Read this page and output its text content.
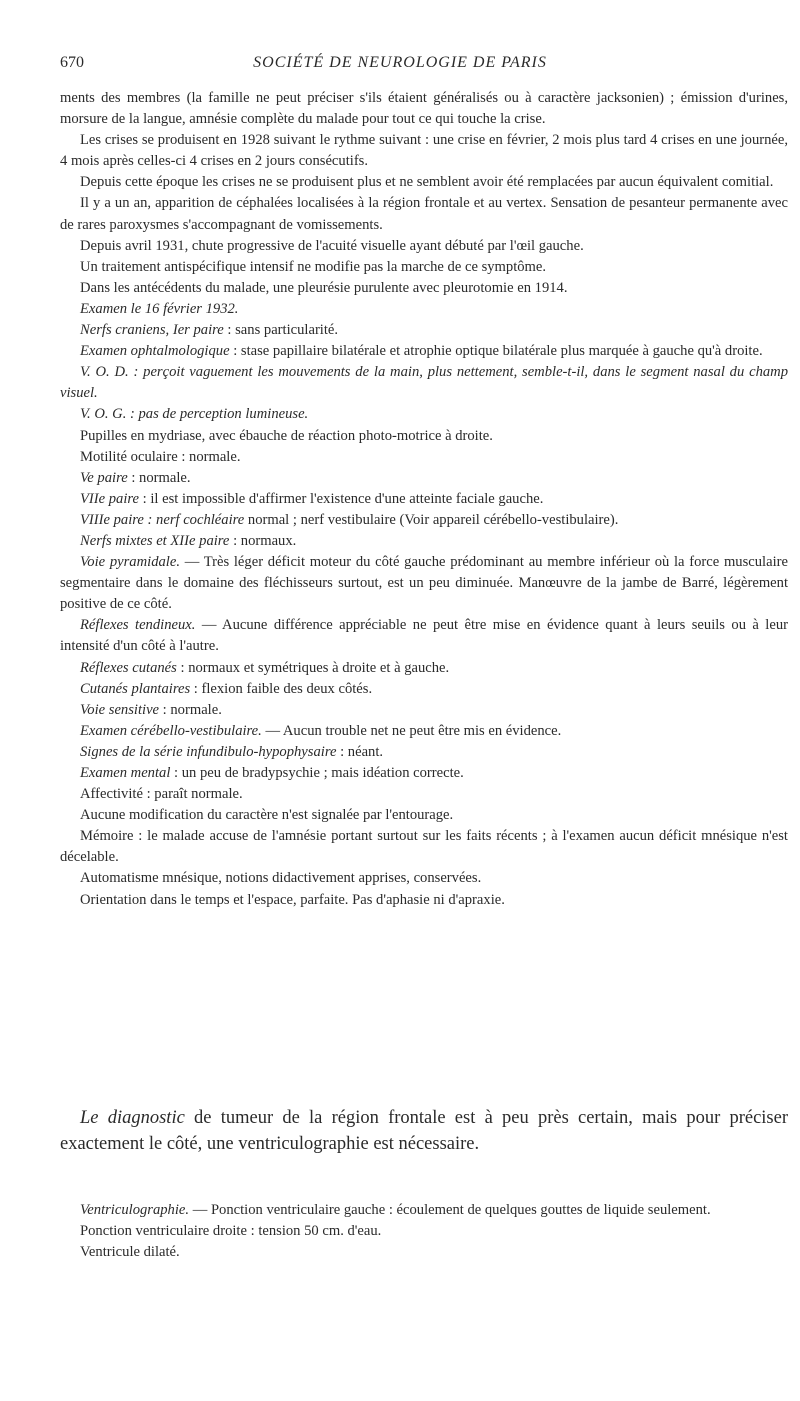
670	SOCIÉTÉ DE NEUROLOGIE DE PARIS

ments des membres (la famille ne peut préciser s'ils étaient généralisés ou à caractère jacksonien) ; émission d'urines, morsure de la langue, amnésie complète du malade pour tout ce qui touche la crise.

Les crises se produisent en 1928 suivant le rythme suivant : une crise en février, 2 mois plus tard 4 crises en une journée, 4 mois après celles-ci 4 crises en 2 jours consécutifs.

Depuis cette époque les crises ne se produisent plus et ne semblent avoir été remplacées par aucun équivalent comitial.

Il y a un an, apparition de céphalées localisées à la région frontale et au vertex. Sensation de pesanteur permanente avec de rares paroxysmes s'accompagnant de vomissements.

Depuis avril 1931, chute progressive de l'acuité visuelle ayant débuté par l'œil gauche.

Un traitement antispécifique intensif ne modifie pas la marche de ce symptôme.

Dans les antécédents du malade, une pleurésie purulente avec pleurotomie en 1914.

Examen le 16 février 1932.

Nerfs craniens, Ier paire : sans particularité.

Examen ophtalmologique : stase papillaire bilatérale et atrophie optique bilatérale plus marquée à gauche qu'à droite.

V. O. D. : perçoit vaguement les mouvements de la main, plus nettement, semble-t-il, dans le segment nasal du champ visuel.

V. O. G. : pas de perception lumineuse.

Pupilles en mydriase, avec ébauche de réaction photo-motrice à droite.

Motilité oculaire : normale.

Ve paire : normale.

VIIe paire : il est impossible d'affirmer l'existence d'une atteinte faciale gauche.

VIIIe paire : nerf cochléaire normal ; nerf vestibulaire (Voir appareil cérébello-vestibulaire).

Nerfs mixtes et XIIe paire : normaux.

Voie pyramidale. — Très léger déficit moteur du côté gauche prédominant au membre inférieur où la force musculaire segmentaire dans le domaine des fléchisseurs surtout, est un peu diminuée. Manœuvre de la jambe de Barré, légèrement positive de ce côté.

Réflexes tendineux. — Aucune différence appréciable ne peut être mise en évidence quant à leurs seuils ou à leur intensité d'un côté à l'autre.

Réflexes cutanés : normaux et symétriques à droite et à gauche.

Cutanés plantaires : flexion faible des deux côtés.

Voie sensitive : normale.

Examen cérébello-vestibulaire. — Aucun trouble net ne peut être mis en évidence.

Signes de la série infundibulo-hypophysaire : néant.

Examen mental : un peu de bradypsychie ; mais idéation correcte.

Affectivité : paraît normale.

Aucune modification du caractère n'est signalée par l'entourage.

Mémoire : le malade accuse de l'amnésie portant surtout sur les faits récents ; à l'examen aucun déficit mnésique n'est décelable.

Automatisme mnésique, notions didactivement apprises, conservées.

Orientation dans le temps et l'espace, parfaite. Pas d'aphasie ni d'apraxie.

Le diagnostic de tumeur de la région frontale est à peu près certain, mais pour préciser exactement le côté, une ventriculographie est nécessaire.

Ventriculographie. — Ponction ventriculaire gauche : écoulement de quelques gouttes de liquide seulement.

Ponction ventriculaire droite : tension 50 cm. d'eau.

Ventricule dilaté.
